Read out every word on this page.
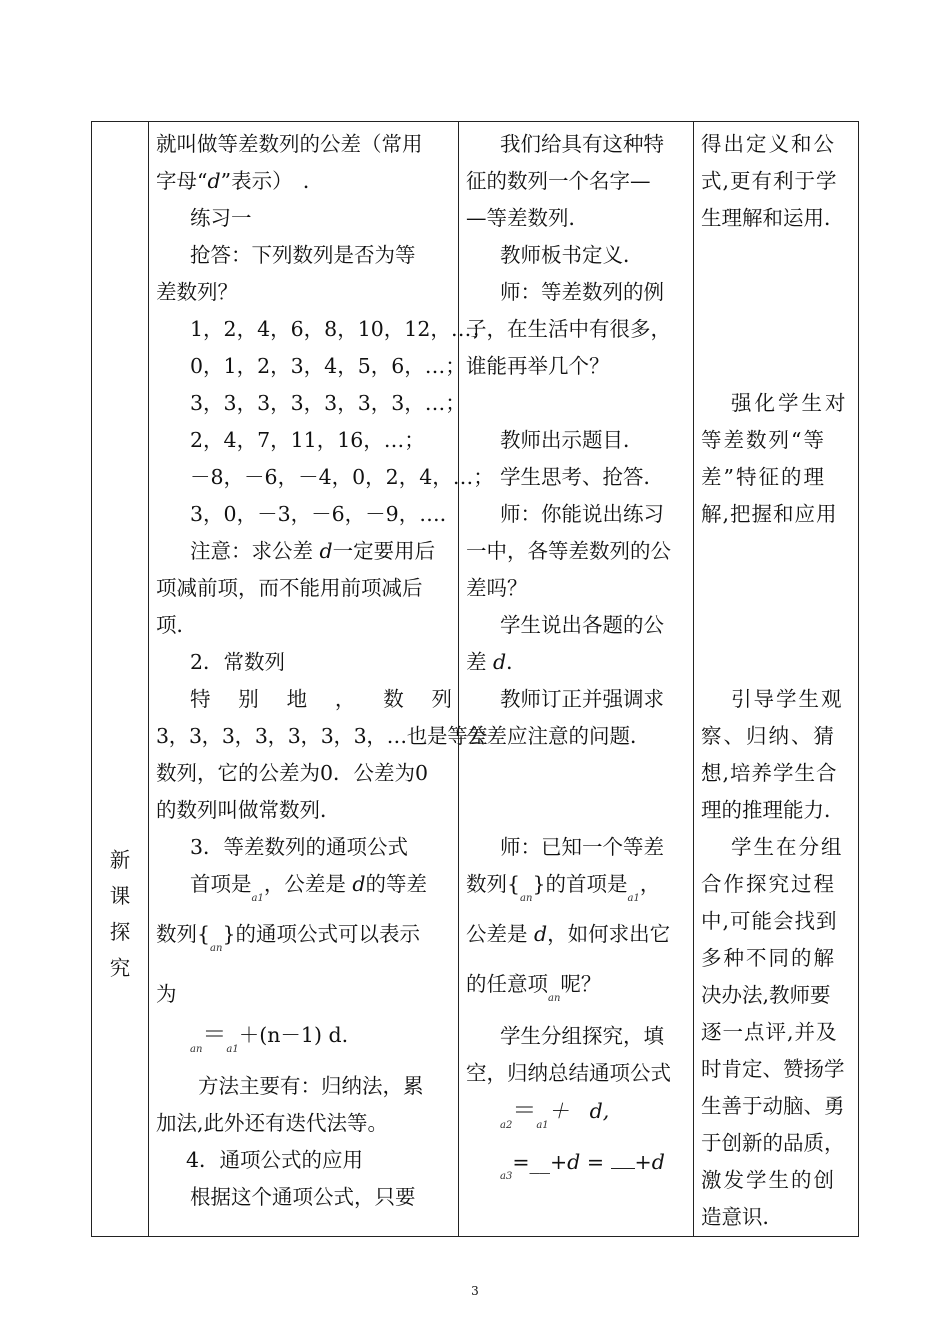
新
课
探
究
就叫做等差数列的公差（常用
字母“d”表示）　．
练习一
抢答：下列数列是否为等
差数列？
1，2，4，6，8，10，12，…；
0，1，2，3，4，5，6，…；
3，3，3，3，3，3，3，…；
2，4，7，11，16，…；
－8，－6，－4，0，2，4，…；
3，0，－3，－6，－9，…．
注意：求公差 d一定要用后
项减前项，而不能用前项减后
项．
2．常数列
特 别 地 ， 数 列
3，3，3，3，3，3，3，…也是等差
数列，它的公差为0．公差为0
的数列叫做常数列．
3．等差数列的通项公式
首项是$_{a1}$，公差是 d的等差
数列$\{_{an}\}$的通项公式可以表示
为
$_{an}=_{a1}+(n-1)$ d.
方法主要有：归纳法，累
加法,此外还有迭代法等。
4．通项公式的应用
根据这个通项公式，只要
我们给具有这种特
征的数列一个名字—
—等差数列．
教师板书定义．
师：等差数列的例
子，在生活中有很多，
谁能再举几个？
教师出示题目．
学生思考、抢答．
师：你能说出练习
一中，各等差数列的公
差吗？
学生说出各题的公
差 d．
教师订正并强调求
公差应注意的问题．
师：已知一个等差
数列$\{_{an}\}$的首项是$_{a1}$，
公差是 d，如何求出它
的任意项$_{an}$呢？
学生分组探究，填
空，归纳总结通项公式
$_{a2}=_{a1}+$　d,
$_{a3}$=__+d = +d
得出定义和公
式,更有利于学
生理解和运用．
强化学生对
等差数列“等
差”特征的理
解,把握和应用
引导学生观
察、归纳、猜
想,培养学生合
理的推理能力．
学生在分组
合作探究过程
中,可能会找到
多种不同的解
决办法,教师要
逐一点评,并及
时肯定、赞扬学
生善于动脑、勇
于创新的品质，
激发学生的创
造意识．
3
